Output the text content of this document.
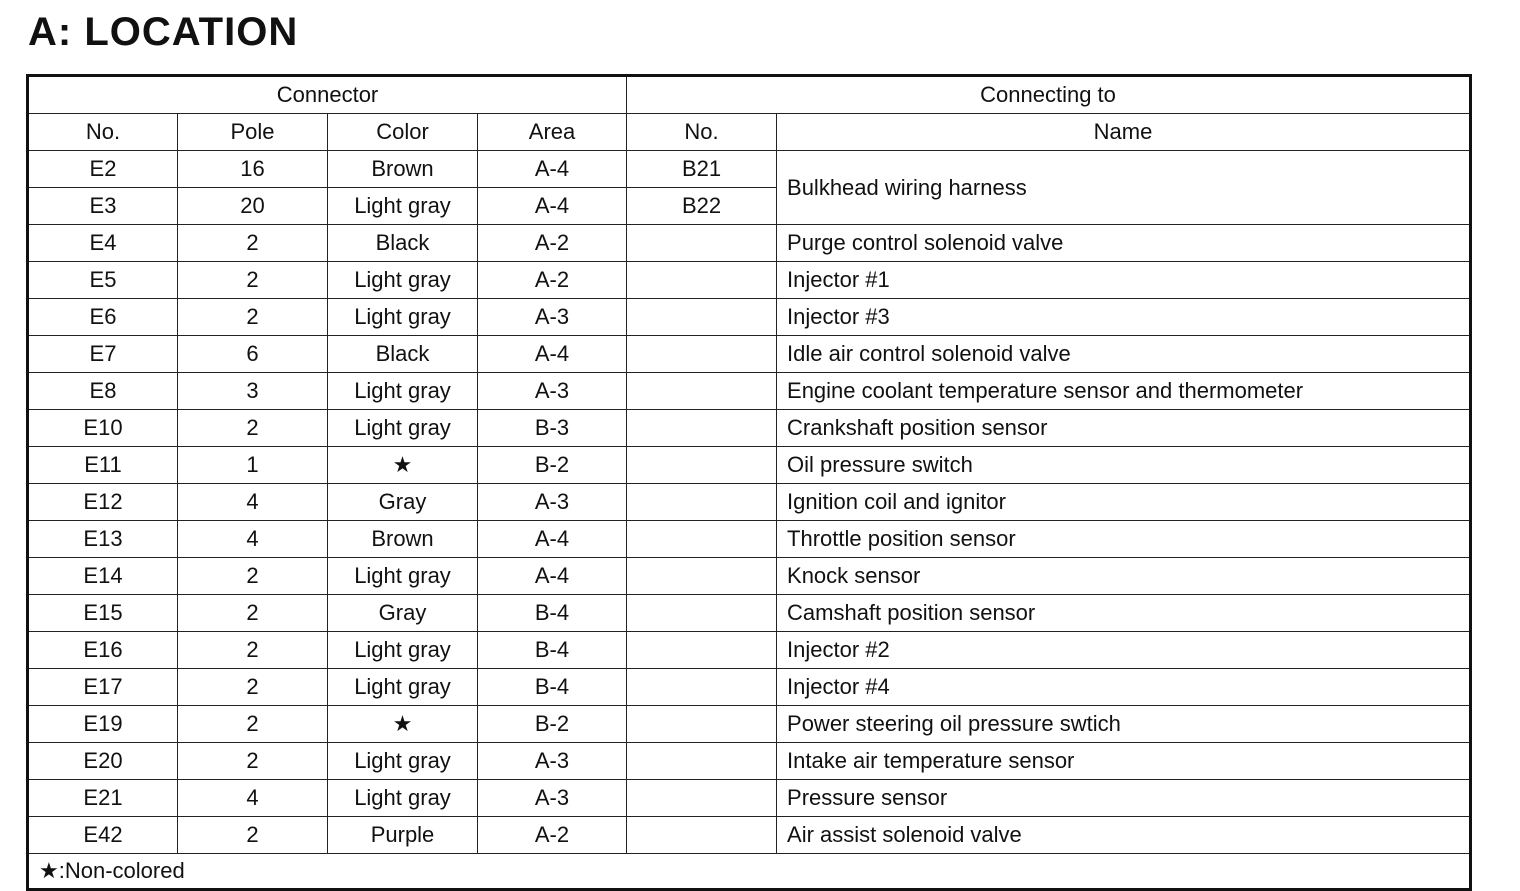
A: LOCATION
Connector				Connecting to	
No.	Pole	Color	Area	No.	Name
E2	16	Brown	A-4	B21	Bulkhead wiring harness
E3	20	Light gray	A-4	B22	
E4	2	Black	A-2		Purge control solenoid valve
E5	2	Light gray	A-2		Injector #1
E6	2	Light gray	A-3		Injector #3
E7	6	Black	A-4		Idle air control solenoid valve
E8	3	Light gray	A-3		Engine coolant temperature sensor and thermometer
E10	2	Light gray	B-3		Crankshaft position sensor
E11	1	★	B-2		Oil pressure switch
E12	4	Gray	A-3		Ignition coil and ignitor
E13	4	Brown	A-4		Throttle position sensor
E14	2	Light gray	A-4		Knock sensor
E15	2	Gray	B-4		Camshaft position sensor
E16	2	Light gray	B-4		Injector #2
E17	2	Light gray	B-4		Injector #4
E19	2	★	B-2		Power steering oil pressure swtich
E20	2	Light gray	A-3		Intake air temperature sensor
E21	4	Light gray	A-3		Pressure sensor
E42	2	Purple	A-2		Air assist solenoid valve
★:Non-colored					
